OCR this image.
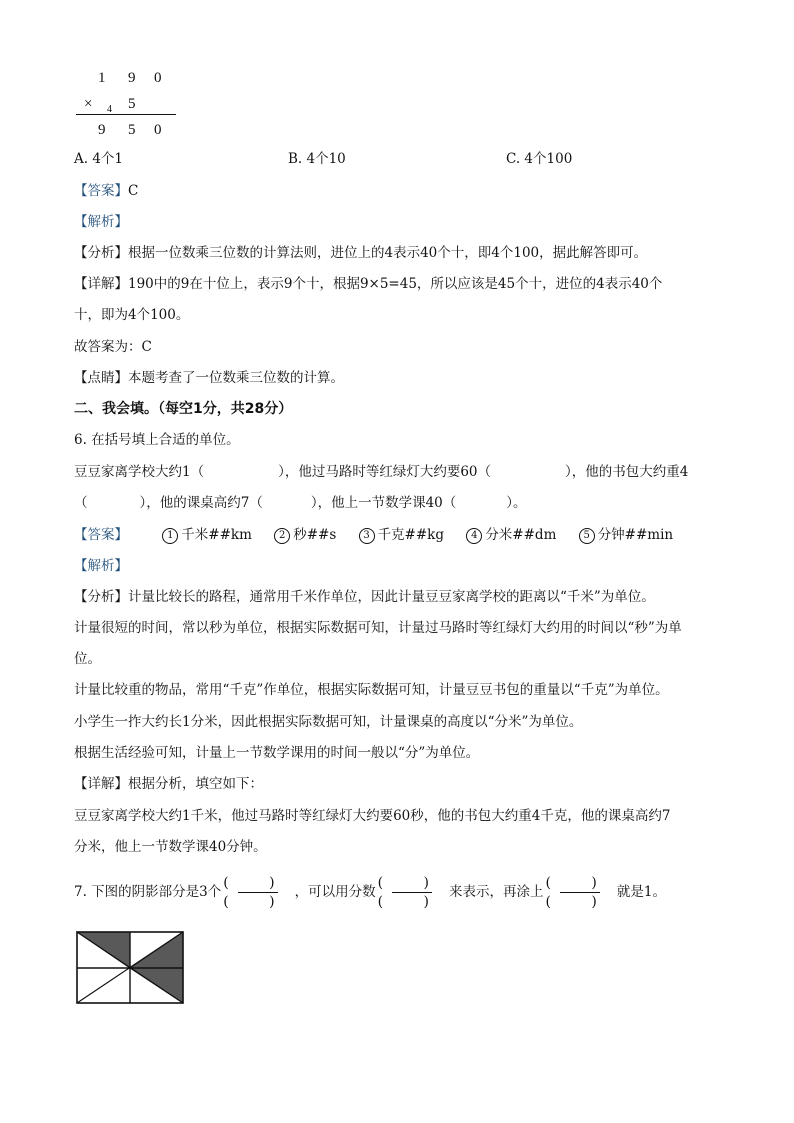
1 9 0
× 4 5
9 5 0
A. 4个1	B. 4个10	C. 4个100
【答案】C
【解析】
【分析】根据一位数乘三位数的计算法则，进位上的4表示40个十，即4个100，据此解答即可。
【详解】190中的9在十位上，表示9个十，根据9×5=45，所以应该是45个十，进位的4表示40个
十，即为4个100。
故答案为：C
【点睛】本题考查了一位数乘三位数的计算。
二、我会填。（每空1分，共28分）
6. 在括号填上合适的单位。
豆豆家离学校大约1（	），他过马路时等红绿灯大约要60（	），他的书包大约重4
（	），他的课桌高约7（	），他上一节数学课40（	）。
【答案】	1 千米##km	2 秒##s	3 千克##kg	4 分米##dm	5 分钟##min
【解析】
【分析】计量比较长的路程，通常用千米作单位，因此计量豆豆家离学校的距离以“千米”为单位。
计量很短的时间，常以秒为单位，根据实际数据可知，计量过马路时等红绿灯大约用的时间以“秒”为单
位。
计量比较重的物品，常用“千克”作单位，根据实际数据可知，计量豆豆书包的重量以“千克”为单位。
小学生一拃大约长1分米，因此根据实际数据可知，计量课桌的高度以“分米”为单位。
根据生活经验可知，计量上一节数学课用的时间一般以“分”为单位。
【详解】根据分析，填空如下：
豆豆家离学校大约1千米，他过马路时等红绿灯大约要60秒，他的书包大约重4千克，他的课桌高约7
分米，他上一节数学课40分钟。
7. 下图的阴影部分是3个 $\frac{( )}{( )}$ ，可以用分数 $\frac{( )}{( )}$ 来表示，再涂上 $\frac{( )}{( )}$ 就是1。
